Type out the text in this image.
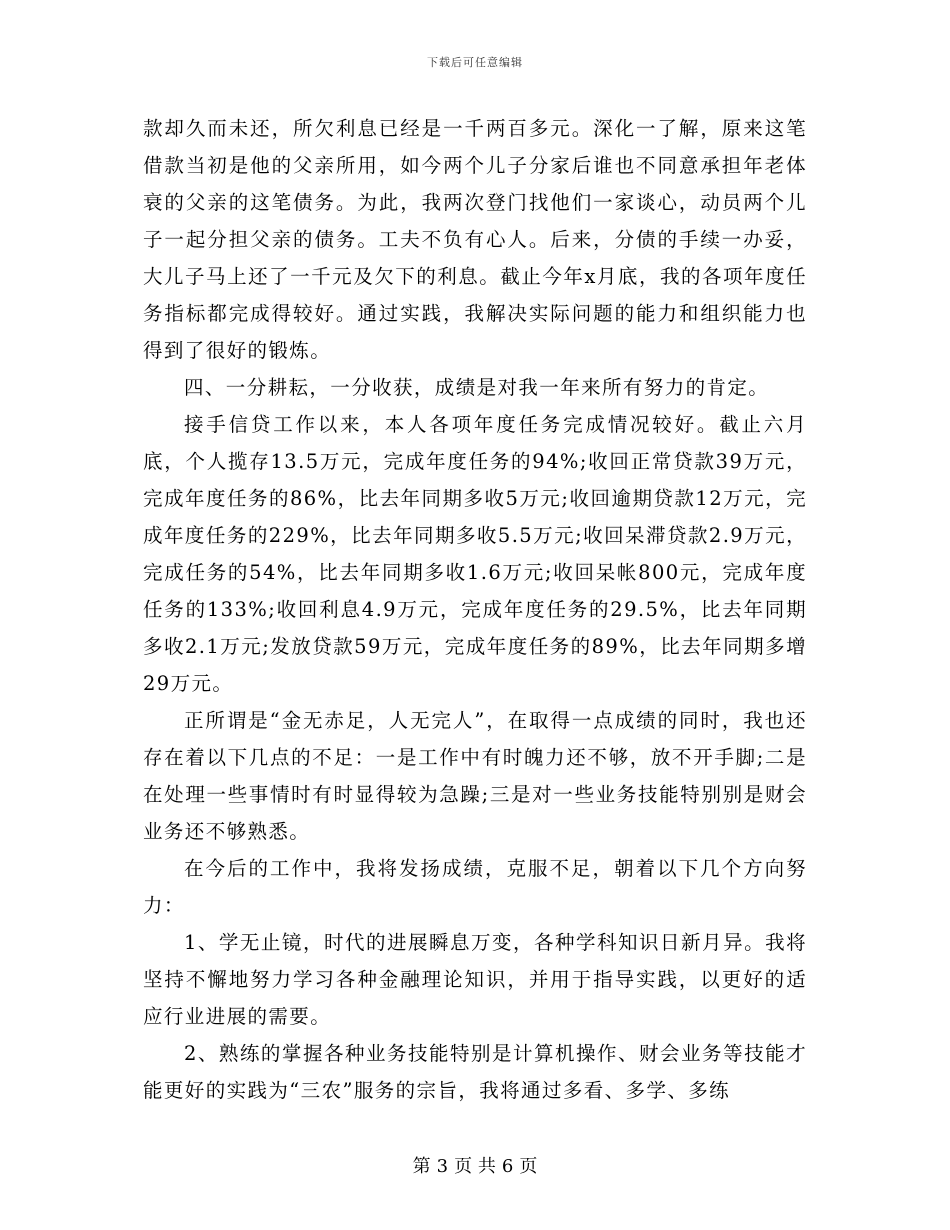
下载后可任意编辑

款却久而未还，所欠利息已经是一千两百多元。深化一了解，原来这笔借款当初是他的父亲所用，如今两个儿子分家后谁也不同意承担年老体衰的父亲的这笔债务。为此，我两次登门找他们一家谈心，动员两个儿子一起分担父亲的债务。工夫不负有心人。后来，分债的手续一办妥，大儿子马上还了一千元及欠下的利息。截止今年x月底，我的各项年度任务指标都完成得较好。通过实践，我解决实际问题的能力和组织能力也得到了很好的锻炼。

四、一分耕耘，一分收获，成绩是对我一年来所有努力的肯定。

接手信贷工作以来，本人各项年度任务完成情况较好。截止六月底，个人揽存13.5万元，完成年度任务的94%;收回正常贷款39万元，完成年度任务的86%，比去年同期多收5万元;收回逾期贷款12万元，完成年度任务的229%，比去年同期多收5.5万元;收回呆滞贷款2.9万元，完成任务的54%，比去年同期多收1.6万元;收回呆帐800元，完成年度任务的133%;收回利息4.9万元，完成年度任务的29.5%，比去年同期多收2.1万元;发放贷款59万元，完成年度任务的89%，比去年同期多增29万元。

正所谓是“金无赤足，人无完人”，在取得一点成绩的同时，我也还存在着以下几点的不足：一是工作中有时魄力还不够，放不开手脚;二是在处理一些事情时有时显得较为急躁;三是对一些业务技能特别别是财会业务还不够熟悉。

在今后的工作中，我将发扬成绩，克服不足，朝着以下几个方向努力：

1、学无止镜，时代的进展瞬息万变，各种学科知识日新月异。我将坚持不懈地努力学习各种金融理论知识，并用于指导实践，以更好的适应行业进展的需要。

2、熟练的掌握各种业务技能特别是计算机操作、财会业务等技能才能更好的实践为“三农”服务的宗旨，我将通过多看、多学、多练

第 3 页 共 6 页
